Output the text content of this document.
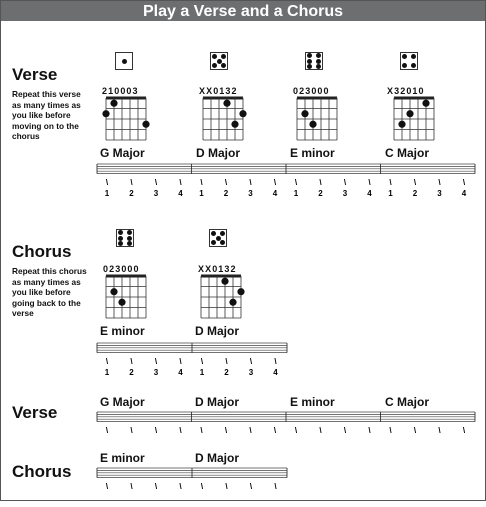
Play a Verse and a Chorus
Verse
Repeat this verse
as many times as
you like before
moving on to the
chorus
Chorus
Repeat this chorus
as many times as
you like before
going back to the
verse
Verse
Chorus
210003
G Major
XX0132
D Major
023000
E minor
X32010
C Major
\
1
\
2
\
3
\
4
\
1
\
2
\
3
\
4
\
1
\
2
\
3
\
4
\
1
\
2
\
3
\
4
023000
E minor
XX0132
D Major
\
1
\
2
\
3
\
4
\
1
\
2
\
3
\
4
G Major	D Major	E minor	C Major
\	\	\	\ \	\	\	\ \	\	\	\ \	\	\	\
E minor	D Major
\	\	\	\ \	\	\	\
